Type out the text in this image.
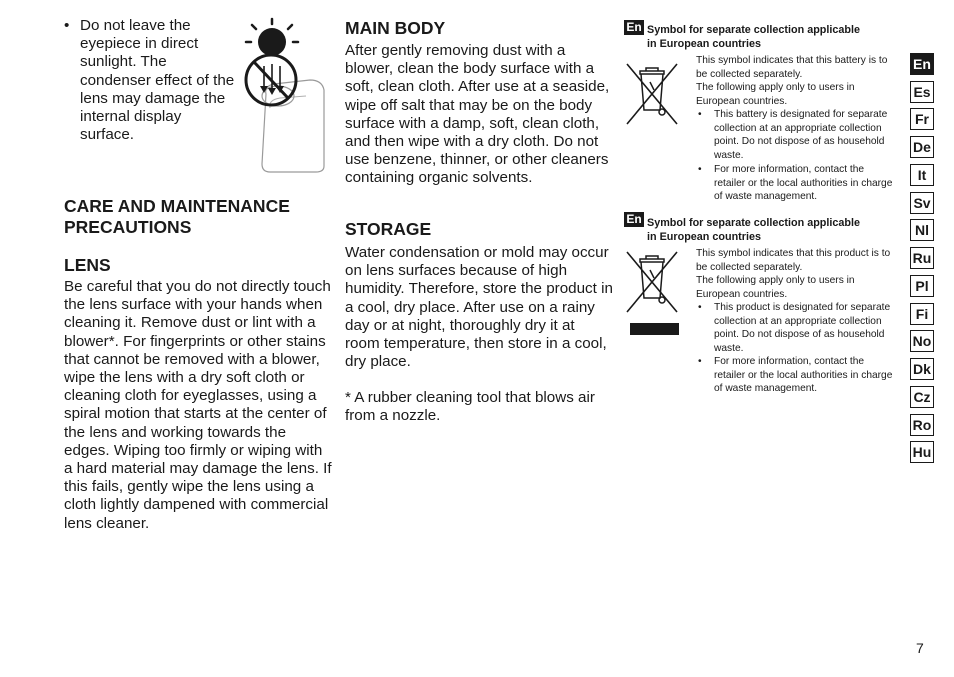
• Do not leave the eyepiece in direct sunlight. The condenser effect of the lens may damage the internal display surface.
CARE AND MAINTENANCE PRECAUTIONS
LENS
Be careful that you do not directly touch the lens surface with your hands when cleaning it. Remove dust or lint with a blower*. For fingerprints or other stains that cannot be removed with a blower, wipe the lens with a dry soft cloth or cleaning cloth for eyeglasses, using a spiral motion that starts at the center of the lens and working towards the edges. Wiping too firmly or wiping with a hard material may damage the lens. If this fails, gently wipe the lens using a cloth lightly dampened with commercial lens cleaner.
MAIN BODY
After gently removing dust with a blower, clean the body surface with a soft, clean cloth. After use at a seaside, wipe off salt that may be on the body surface with a damp, soft, clean cloth, and then wipe with a dry cloth. Do not use benzene, thinner, or other cleaners containing organic solvents.
STORAGE
Water condensation or mold may occur on lens surfaces because of high humidity. Therefore, store the product in a cool, dry place. After use on a rainy day or at night, thoroughly dry it at room temperature, then store in a cool, dry place.
* A rubber cleaning tool that blows air from a nozzle.
En Symbol for separate collection applicable
in European countries
This symbol indicates that this battery is to be collected separately.
The following apply only to users in European countries.
• This battery is designated for separate collection at an appropriate collection point. Do not dispose of as household waste.
• For more information, contact the retailer or the local authorities in charge of waste management.
En Symbol for separate collection applicable
in European countries
This symbol indicates that this product is to be collected separately.
The following apply only to users in European countries.
• This product is designated for separate collection at an appropriate collection point. Do not dispose of as household waste.
• For more information, contact the retailer or the local authorities in charge of waste management.
En
Es
Fr
De
It
Sv
Nl
Ru
Pl
Fi
No
Dk
Cz
Ro
Hu
7
